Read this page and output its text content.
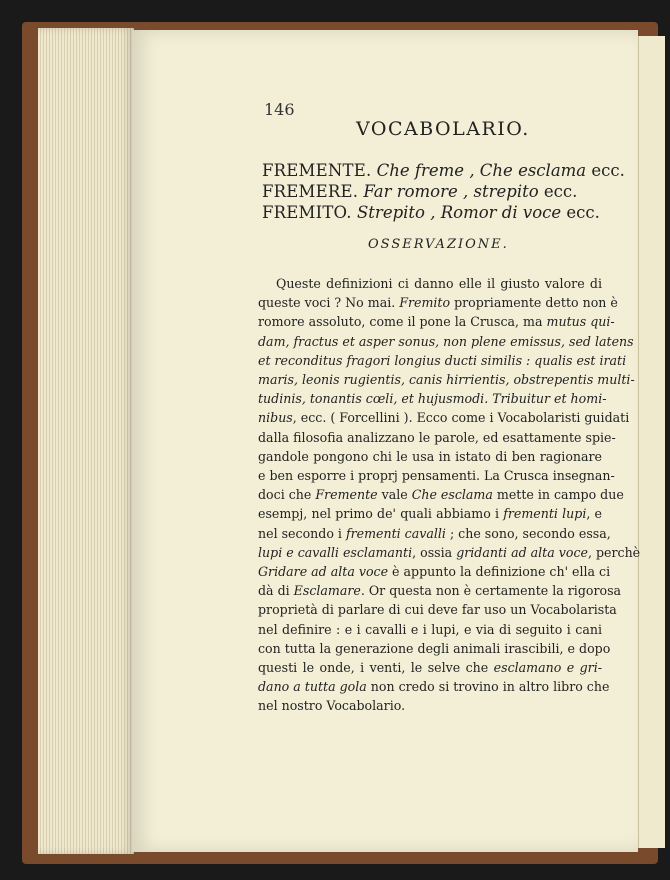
146
VOCABOLARIO.
FREMENTE. Che freme , Che esclama ecc.
FREMERE. Far romore , strepito ecc.
FREMITO. Strepito , Romor di voce ecc.
OSSERVAZIONE.
Queste definizioni ci danno elle il giusto valore di
queste voci ? No mai. Fremito propriamente detto non è
romore assoluto, come il pone la Crusca, ma mutus qui-
dam, fractus et asper sonus, non plene emissus, sed latens
et reconditus fragori longius ducti similis : qualis est irati
maris, leonis rugientis, canis hirrientis, obstrepentis multi-
tudinis, tonantis cœli, et hujusmodi. Tribuitur et homi-
nibus, ecc. ( Forcellini ). Ecco come i Vocabolaristi guidati
dalla filosofia analizzano le parole, ed esattamente spie-
gandole pongono chi le usa in istato di ben ragionare
e ben esporre i proprj pensamenti. La Crusca insegnan-
doci che Fremente vale Che esclama mette in campo due
esempj, nel primo de' quali abbiamo i frementi lupi, e
nel secondo i frementi cavalli ; che sono, secondo essa,
lupi e cavalli esclamanti, ossia gridanti ad alta voce, perchè
Gridare ad alta voce è appunto la definizione ch' ella ci
dà di Esclamare. Or questa non è certamente la rigorosa
proprietà di parlare di cui deve far uso un Vocabolarista
nel definire : e i cavalli e i lupi, e via di seguito i cani
con tutta la generazione degli animali irascibili, e dopo
questi le onde, i venti, le selve che esclamano e gri-
dano a tutta gola non credo si trovino in altro libro che
nel nostro Vocabolario.
